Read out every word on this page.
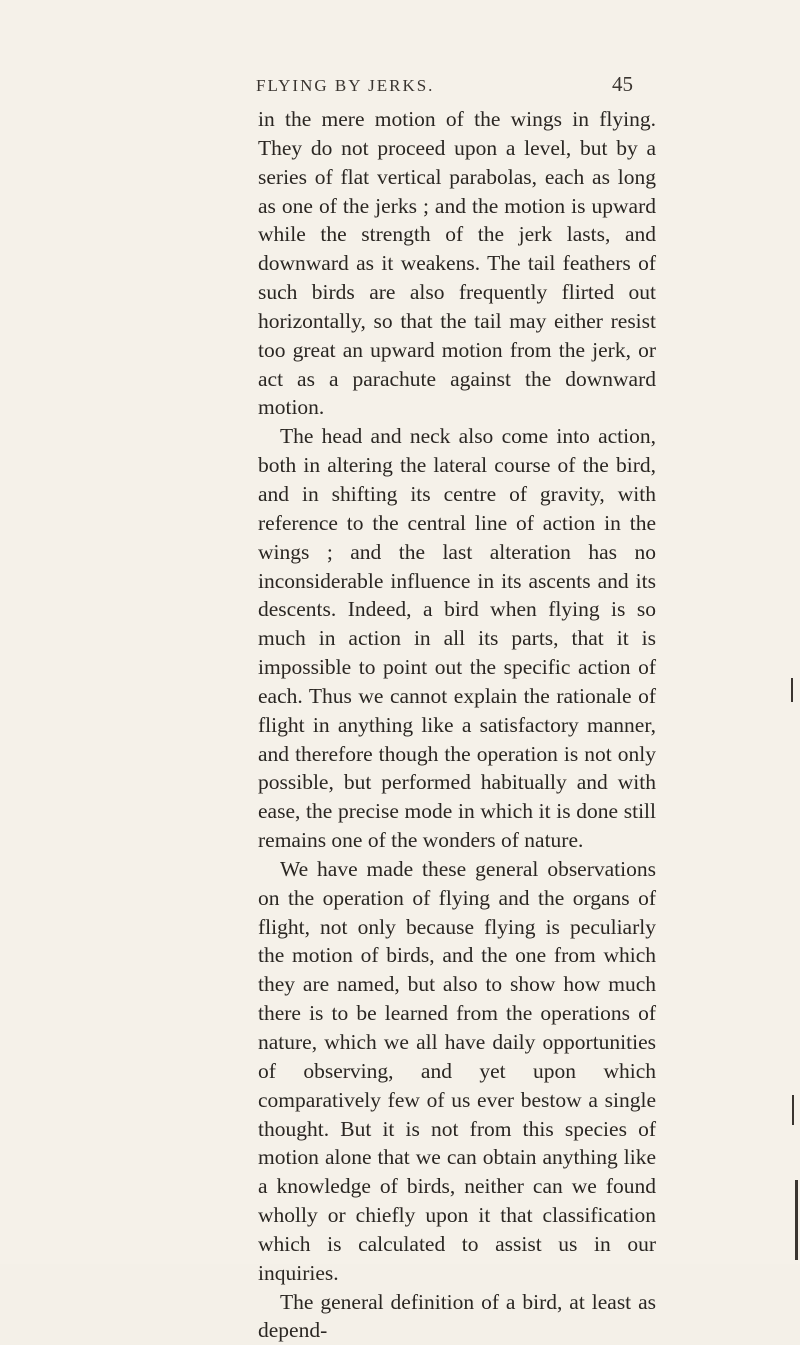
FLYING BY JERKS.	45

in the mere motion of the wings in flying. They do not proceed upon a level, but by a series of flat vertical parabolas, each as long as one of the jerks ; and the motion is upward while the strength of the jerk lasts, and downward as it weakens. The tail feathers of such birds are also frequently flirted out horizontally, so that the tail may either resist too great an upward motion from the jerk, or act as a parachute against the downward motion.

The head and neck also come into action, both in altering the lateral course of the bird, and in shifting its centre of gravity, with reference to the central line of action in the wings ; and the last alteration has no inconsiderable influence in its ascents and its descents. Indeed, a bird when flying is so much in action in all its parts, that it is impossible to point out the specific action of each. Thus we cannot explain the rationale of flight in anything like a satisfactory manner, and therefore though the operation is not only possible, but performed habitually and with ease, the precise mode in which it is done still remains one of the wonders of nature.

We have made these general observations on the operation of flying and the organs of flight, not only because flying is peculiarly the motion of birds, and the one from which they are named, but also to show how much there is to be learned from the operations of nature, which we all have daily opportunities of observing, and yet upon which comparatively few of us ever bestow a single thought. But it is not from this species of motion alone that we can obtain anything like a knowledge of birds, neither can we found wholly or chiefly upon it that classification which is calculated to assist us in our inquiries.

The general definition of a bird, at least as depend-
